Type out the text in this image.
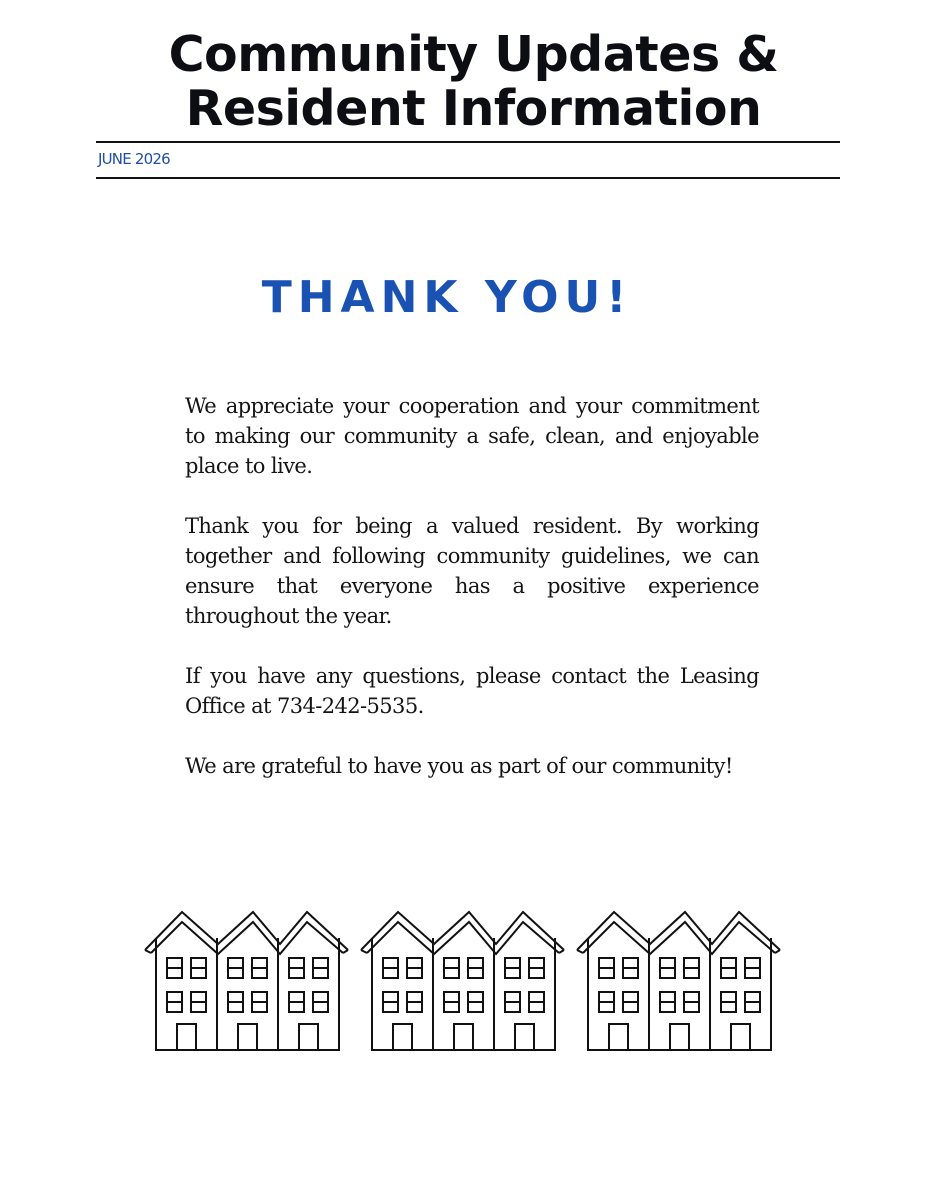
Community Updates & Resident Information
JUNE 2026
THANK YOU!

We appreciate your cooperation and your commitment to making our community a safe, clean, and enjoyable place to live.

Thank you for being a valued resident. By working together and following community guidelines, we can ensure that everyone has a positive experience throughout the year.

If you have any questions, please contact the Leasing Office at 734-242-5535.

We are grateful to have you as part of our community!
